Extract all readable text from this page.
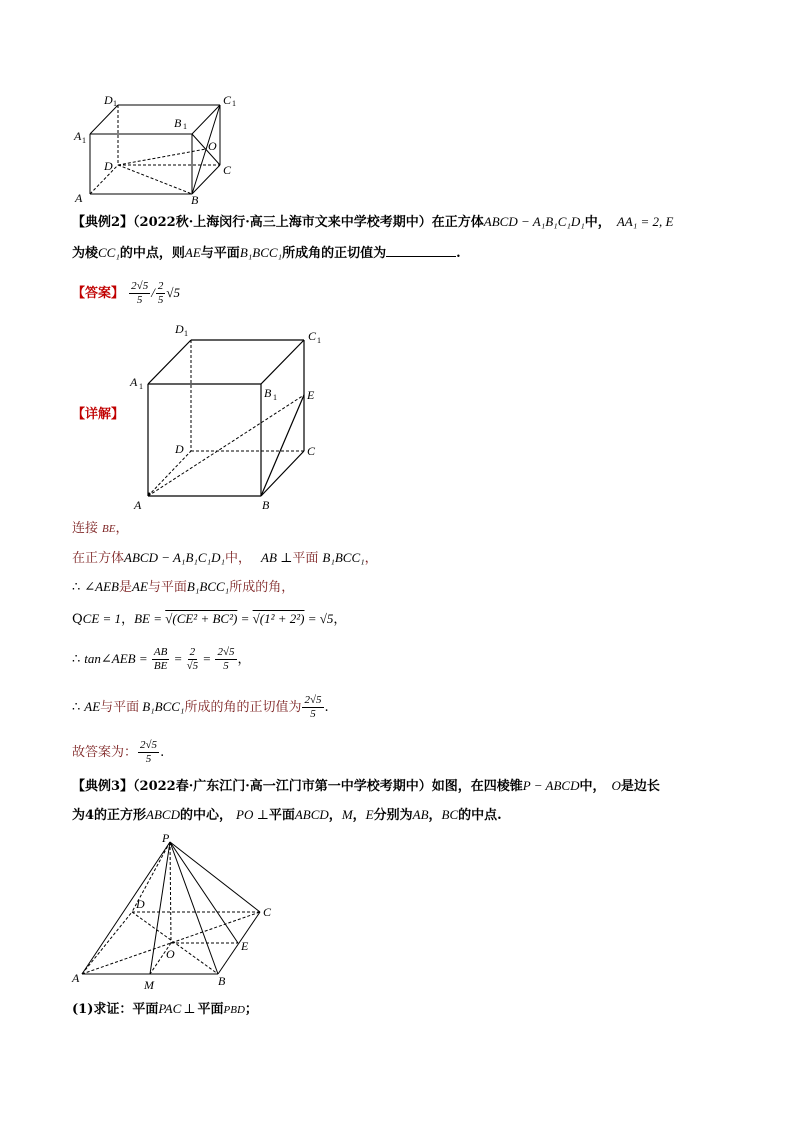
D 1	C 1
A 1
B 1
O
D	C
A	B
【典例2】（2022秋·上海闵行·高三上海市文来中学校考期中）在正方体ABCD − A₁B₁C₁D₁中， AA₁ = 2, E
为棱CC₁的中点，则AE与平面B₁BCC₁所成角的正切值为	.
【答案】 $\frac{2√5}{5} / \frac{2}{5} √5$
【详解】
D 1	C 1
A 1	B 1	E
D	C
A	B
连接 BE，
在正方体ABCD − A₁B₁C₁D₁中， AB ⊥平面 B₁BCC₁，
∴ ∠AEB是AE与平面B₁BCC₁所成的角，
QCE = 1，BE = √(CE² + BC²) = √(1² + 2²) = √5，
∴ tan∠AEB = $\frac{AB}{BE} = \frac{2}{√5} = \frac{2√5}{5}$ ，
∴ AE与平面 B₁BCC₁所成的角的正切值为 $\frac{2√5}{5}$ .
故答案为： $\frac{2√5}{5}$ .
【典例3】（2022春·广东江门·高一江门市第一中学校考期中）如图，在四棱锥P − ABCD中， O是边长
为4的正方形ABCD的中心， PO ⊥平面ABCD，M，E分别为AB，BC的中点.
P
D
C
E
O
A	M	B
(1)求证：平面PAC ⊥ 平面PBD；
